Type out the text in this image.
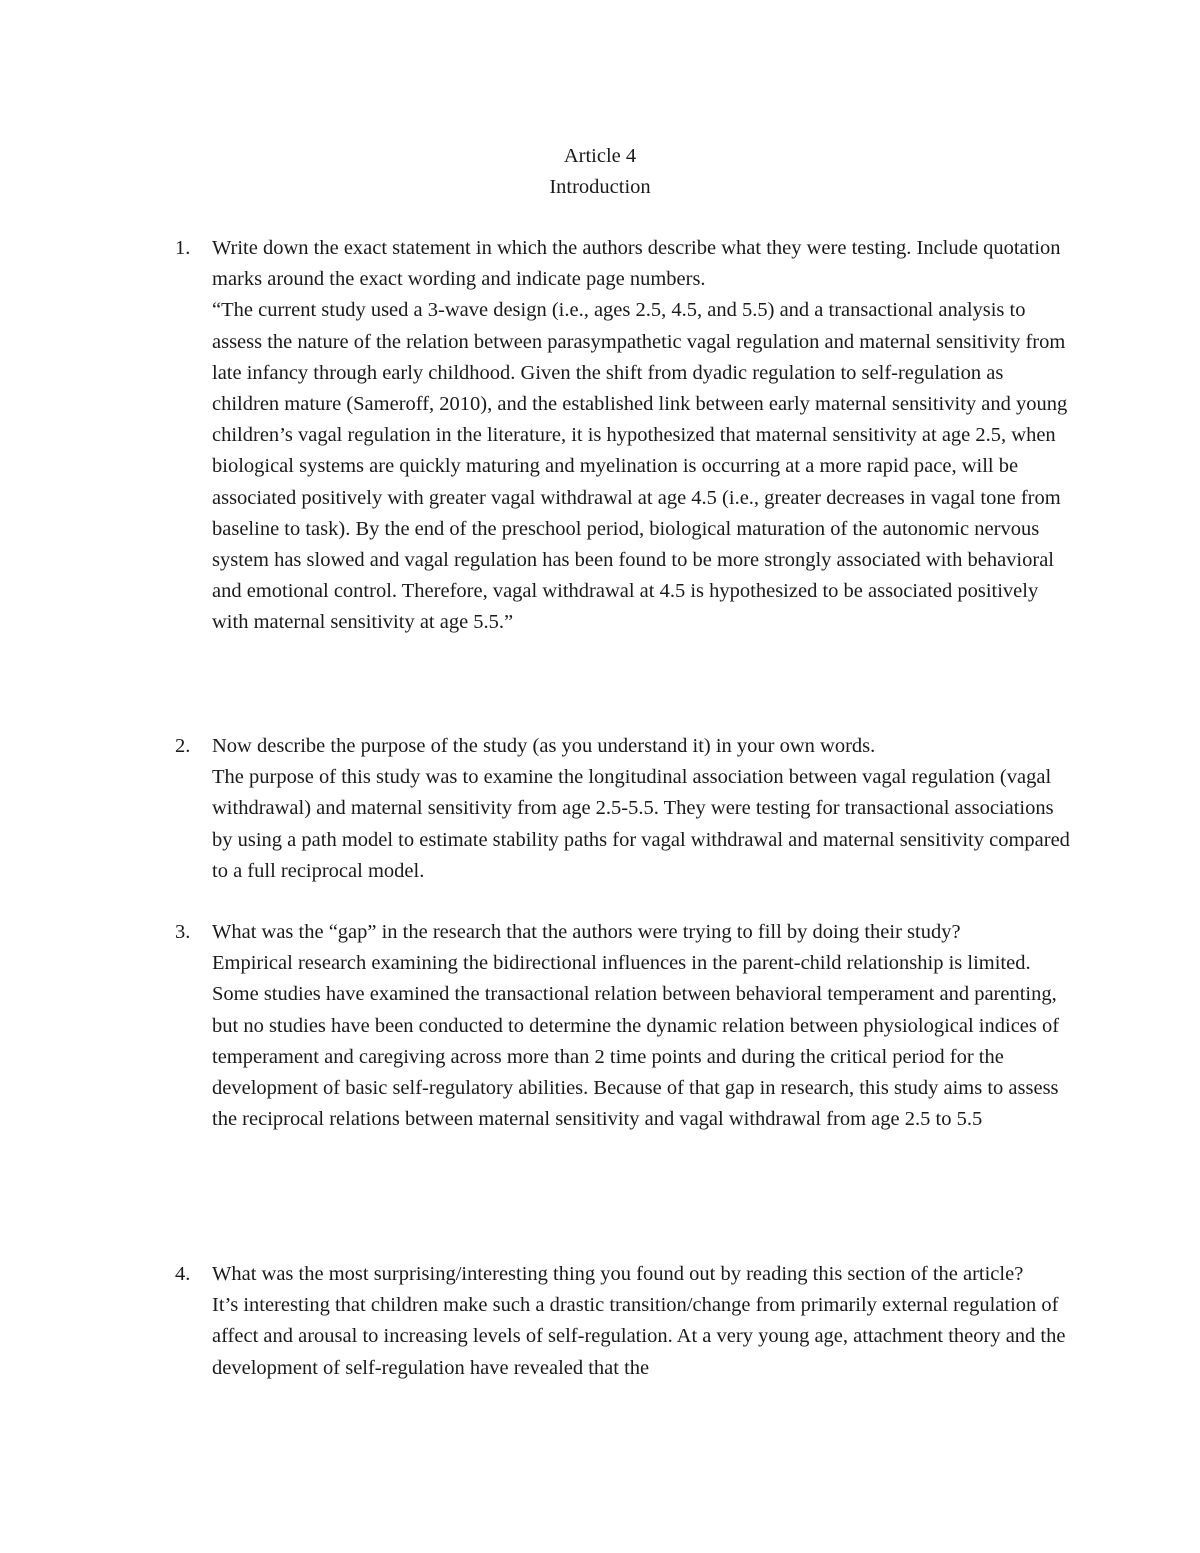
Article 4
Introduction
1.	Write down the exact statement in which the authors describe what they were testing. Include quotation marks around the exact wording and indicate page numbers.
“The current study used a 3-wave design (i.e., ages 2.5, 4.5, and 5.5) and a transactional analysis to assess the nature of the relation between parasympathetic vagal regulation and maternal sensitivity from late infancy through early childhood. Given the shift from dyadic regulation to self-regulation as children mature (Sameroff, 2010), and the established link between early maternal sensitivity and young children’s vagal regulation in the literature, it is hypothesized that maternal sensitivity at age 2.5, when biological systems are quickly maturing and myelination is occurring at a more rapid pace, will be associated positively with greater vagal withdrawal at age 4.5 (i.e., greater decreases in vagal tone from baseline to task). By the end of the preschool period, biological maturation of the autonomic nervous system has slowed and vagal regulation has been found to be more strongly associated with behavioral and emotional control. Therefore, vagal withdrawal at 4.5 is hypothesized to be associated positively with maternal sensitivity at age 5.5.”
2.	Now describe the purpose of the study (as you understand it) in your own words.
The purpose of this study was to examine the longitudinal association between vagal regulation (vagal withdrawal) and maternal sensitivity from age 2.5-5.5. They were testing for transactional associations by using a path model to estimate stability paths for vagal withdrawal and maternal sensitivity compared to a full reciprocal model.
3.	What was the “gap” in the research that the authors were trying to fill by doing their study?
Empirical research examining the bidirectional influences in the parent-child relationship is limited. Some studies have examined the transactional relation between behavioral temperament and parenting, but no studies have been conducted to determine the dynamic relation between physiological indices of temperament and caregiving across more than 2 time points and during the critical period for the development of basic self-regulatory abilities. Because of that gap in research, this study aims to assess the reciprocal relations between maternal sensitivity and vagal withdrawal from age 2.5 to 5.5
4.	What was the most surprising/interesting thing you found out by reading this section of the article?
It’s interesting that children make such a drastic transition/change from primarily external regulation of affect and arousal to increasing levels of self-regulation. At a very young age, attachment theory and the development of self-regulation have revealed that the
